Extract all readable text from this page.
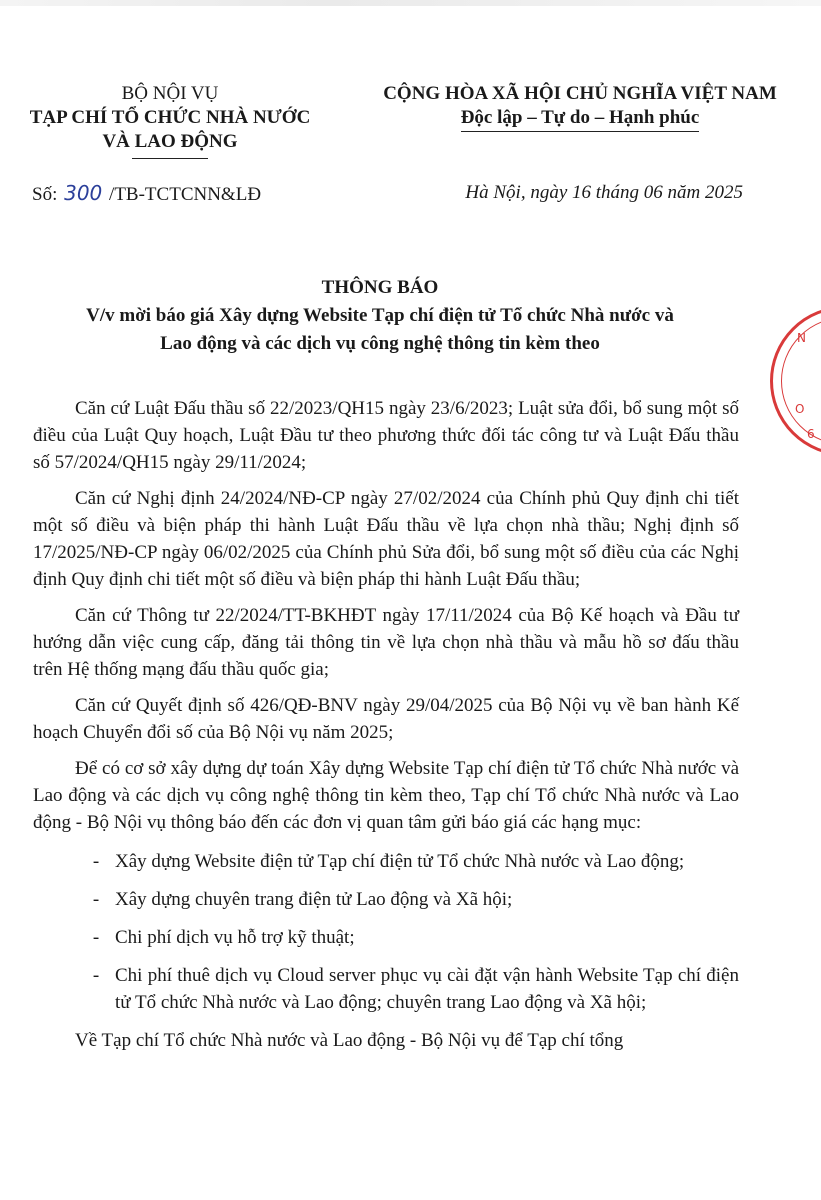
BỘ NỘI VỤ
TẠP CHÍ TỔ CHỨC NHÀ NƯỚC
VÀ LAO ĐỘNG
CỘNG HÒA XÃ HỘI CHỦ NGHĨA VIỆT NAM
Độc lập – Tự do – Hạnh phúc
Số: 300 /TB-TCTCNN&LĐ	Hà Nội, ngày 16 tháng 06 năm 2025
THÔNG BÁO
V/v mời báo giá Xây dựng Website Tạp chí điện tử Tổ chức Nhà nước và
Lao động và các dịch vụ công nghệ thông tin kèm theo	N
O
6

Căn cứ Luật Đấu thầu số 22/2023/QH15 ngày 23/6/2023; Luật sửa đổi, bổ sung một số điều của Luật Quy hoạch, Luật Đầu tư theo phương thức đối tác công tư và Luật Đấu thầu số 57/2024/QH15 ngày 29/11/2024;

Căn cứ Nghị định 24/2024/NĐ-CP ngày 27/02/2024 của Chính phủ Quy định chi tiết một số điều và biện pháp thi hành Luật Đấu thầu về lựa chọn nhà thầu; Nghị định số 17/2025/NĐ-CP ngày 06/02/2025 của Chính phủ Sửa đổi, bổ sung một số điều của các Nghị định Quy định chi tiết một số điều và biện pháp thi hành Luật Đấu thầu;

Căn cứ Thông tư 22/2024/TT-BKHĐT ngày 17/11/2024 của Bộ Kế hoạch và Đầu tư hướng dẫn việc cung cấp, đăng tải thông tin về lựa chọn nhà thầu và mẫu hồ sơ đấu thầu trên Hệ thống mạng đấu thầu quốc gia;

Căn cứ Quyết định số 426/QĐ-BNV ngày 29/04/2025 của Bộ Nội vụ về ban hành Kế hoạch Chuyển đổi số của Bộ Nội vụ năm 2025;

Để có cơ sở xây dựng dự toán Xây dựng Website Tạp chí điện tử Tổ chức Nhà nước và Lao động và các dịch vụ công nghệ thông tin kèm theo, Tạp chí Tổ chức Nhà nước và Lao động - Bộ Nội vụ thông báo đến các đơn vị quan tâm gửi báo giá các hạng mục:

- Xây dựng Website điện tử Tạp chí điện tử Tổ chức Nhà nước và Lao động;
- Xây dựng chuyên trang điện tử Lao động và Xã hội;
- Chi phí dịch vụ hỗ trợ kỹ thuật;
- Chi phí thuê dịch vụ Cloud server phục vụ cài đặt vận hành Website Tạp chí điện tử Tổ chức Nhà nước và Lao động; chuyên trang Lao động và Xã hội;

Về Tạp chí Tổ chức Nhà nước và Lao động - Bộ Nội vụ để Tạp chí tổng
